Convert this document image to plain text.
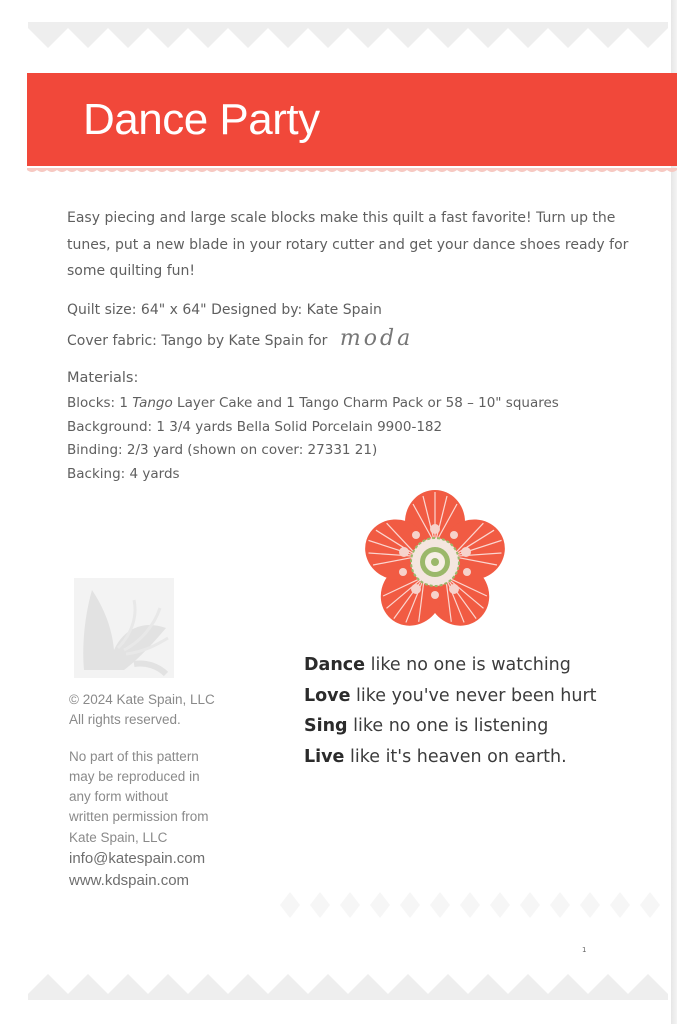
Dance Party

Easy piecing and large scale blocks make this quilt a fast favorite! Turn up the tunes, put a new blade in your rotary cutter and get your dance shoes ready for some quilting fun!

Quilt size: 64" x 64" Designed by: Kate Spain
Cover fabric: Tango by Kate Spain for moda
Materials:
Blocks: 1 Tango Layer Cake and 1 Tango Charm Pack or 58 – 10" squares
Background: 1 3/4 yards Bella Solid Porcelain 9900-182
Binding: 2/3 yard (shown on cover: 27331 21)
Backing: 4 yards
© 2024 Kate Spain, LLC
All rights reserved.
No part of this pattern
may be reproduced in
any form without
written permission from
Kate Spain, LLC
info@katespain.com
www.kdspain.com
Dance like no one is watching
Love like you've never been hurt
Sing like no one is listening
Live like it's heaven on earth.
1
